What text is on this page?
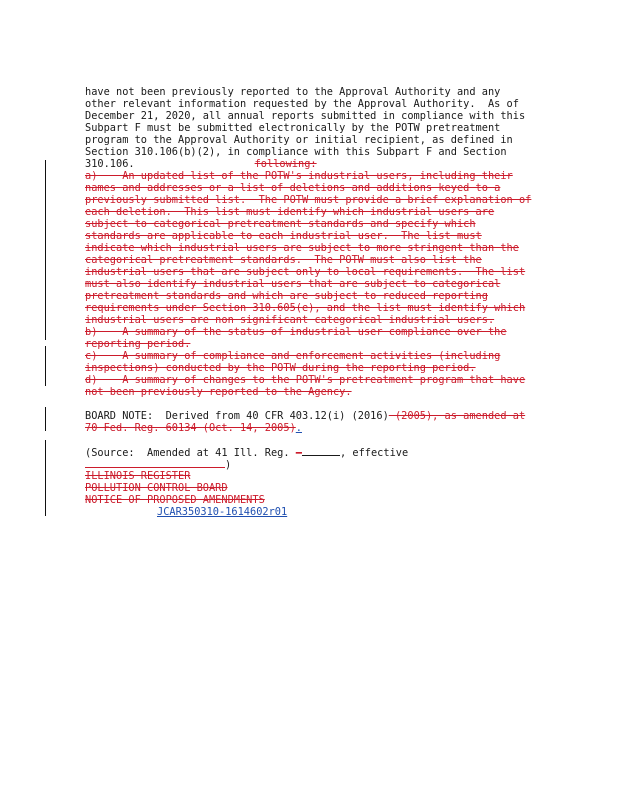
have not been previously reported to the Approval Authority and any
other relevant information requested by the Approval Authority.  As of
December 21, 2020, all annual reports submitted in compliance with this
Subpart F must be submitted electronically by the POTW pretreatment
program to the Approval Authority or initial recipient, as defined in
Section 310.106(b)(2), in compliance with this Subpart F and Section
310.106.	following:
a)    An updated list of the POTW's industrial users, including their
names and addresses or a list of deletions and additions keyed to a
previously submitted list.  The POTW must provide a brief explanation of
each deletion.  This list must identify which industrial users are
subject to categorical pretreatment standards and specify which
standards are applicable to each industrial user.  The list must
indicate which industrial users are subject to more stringent than the
categorical pretreatment standards.  The POTW must also list the
industrial users that are subject only to local requirements.  The list
must also identify industrial users that are subject to categorical
pretreatment standards and which are subject to reduced reporting
requirements under Section 310.605(e), and the list must identify which
industrial users are non significant categorical industrial users.
b)    A summary of the status of industrial user compliance over the
reporting period.
c)    A summary of compliance and enforcement activities (including
inspections) conducted by the POTW during the reporting period.
d)    A summary of changes to the POTW's pretreatment program that have
not been previously reported to the Agency.
BOARD NOTE:  Derived from 40 CFR 403.12(i) (2016) (2005), as amended at
70 Fed. Reg. 60134 (Oct. 14, 2005).
(Source:  Amended at 41 Ill. Reg. —	, effective
)
ILLINOIS REGISTER
POLLUTION CONTROL BOARD
NOTICE OF PROPOSED AMENDMENTS
JCAR350310-1614602r01
